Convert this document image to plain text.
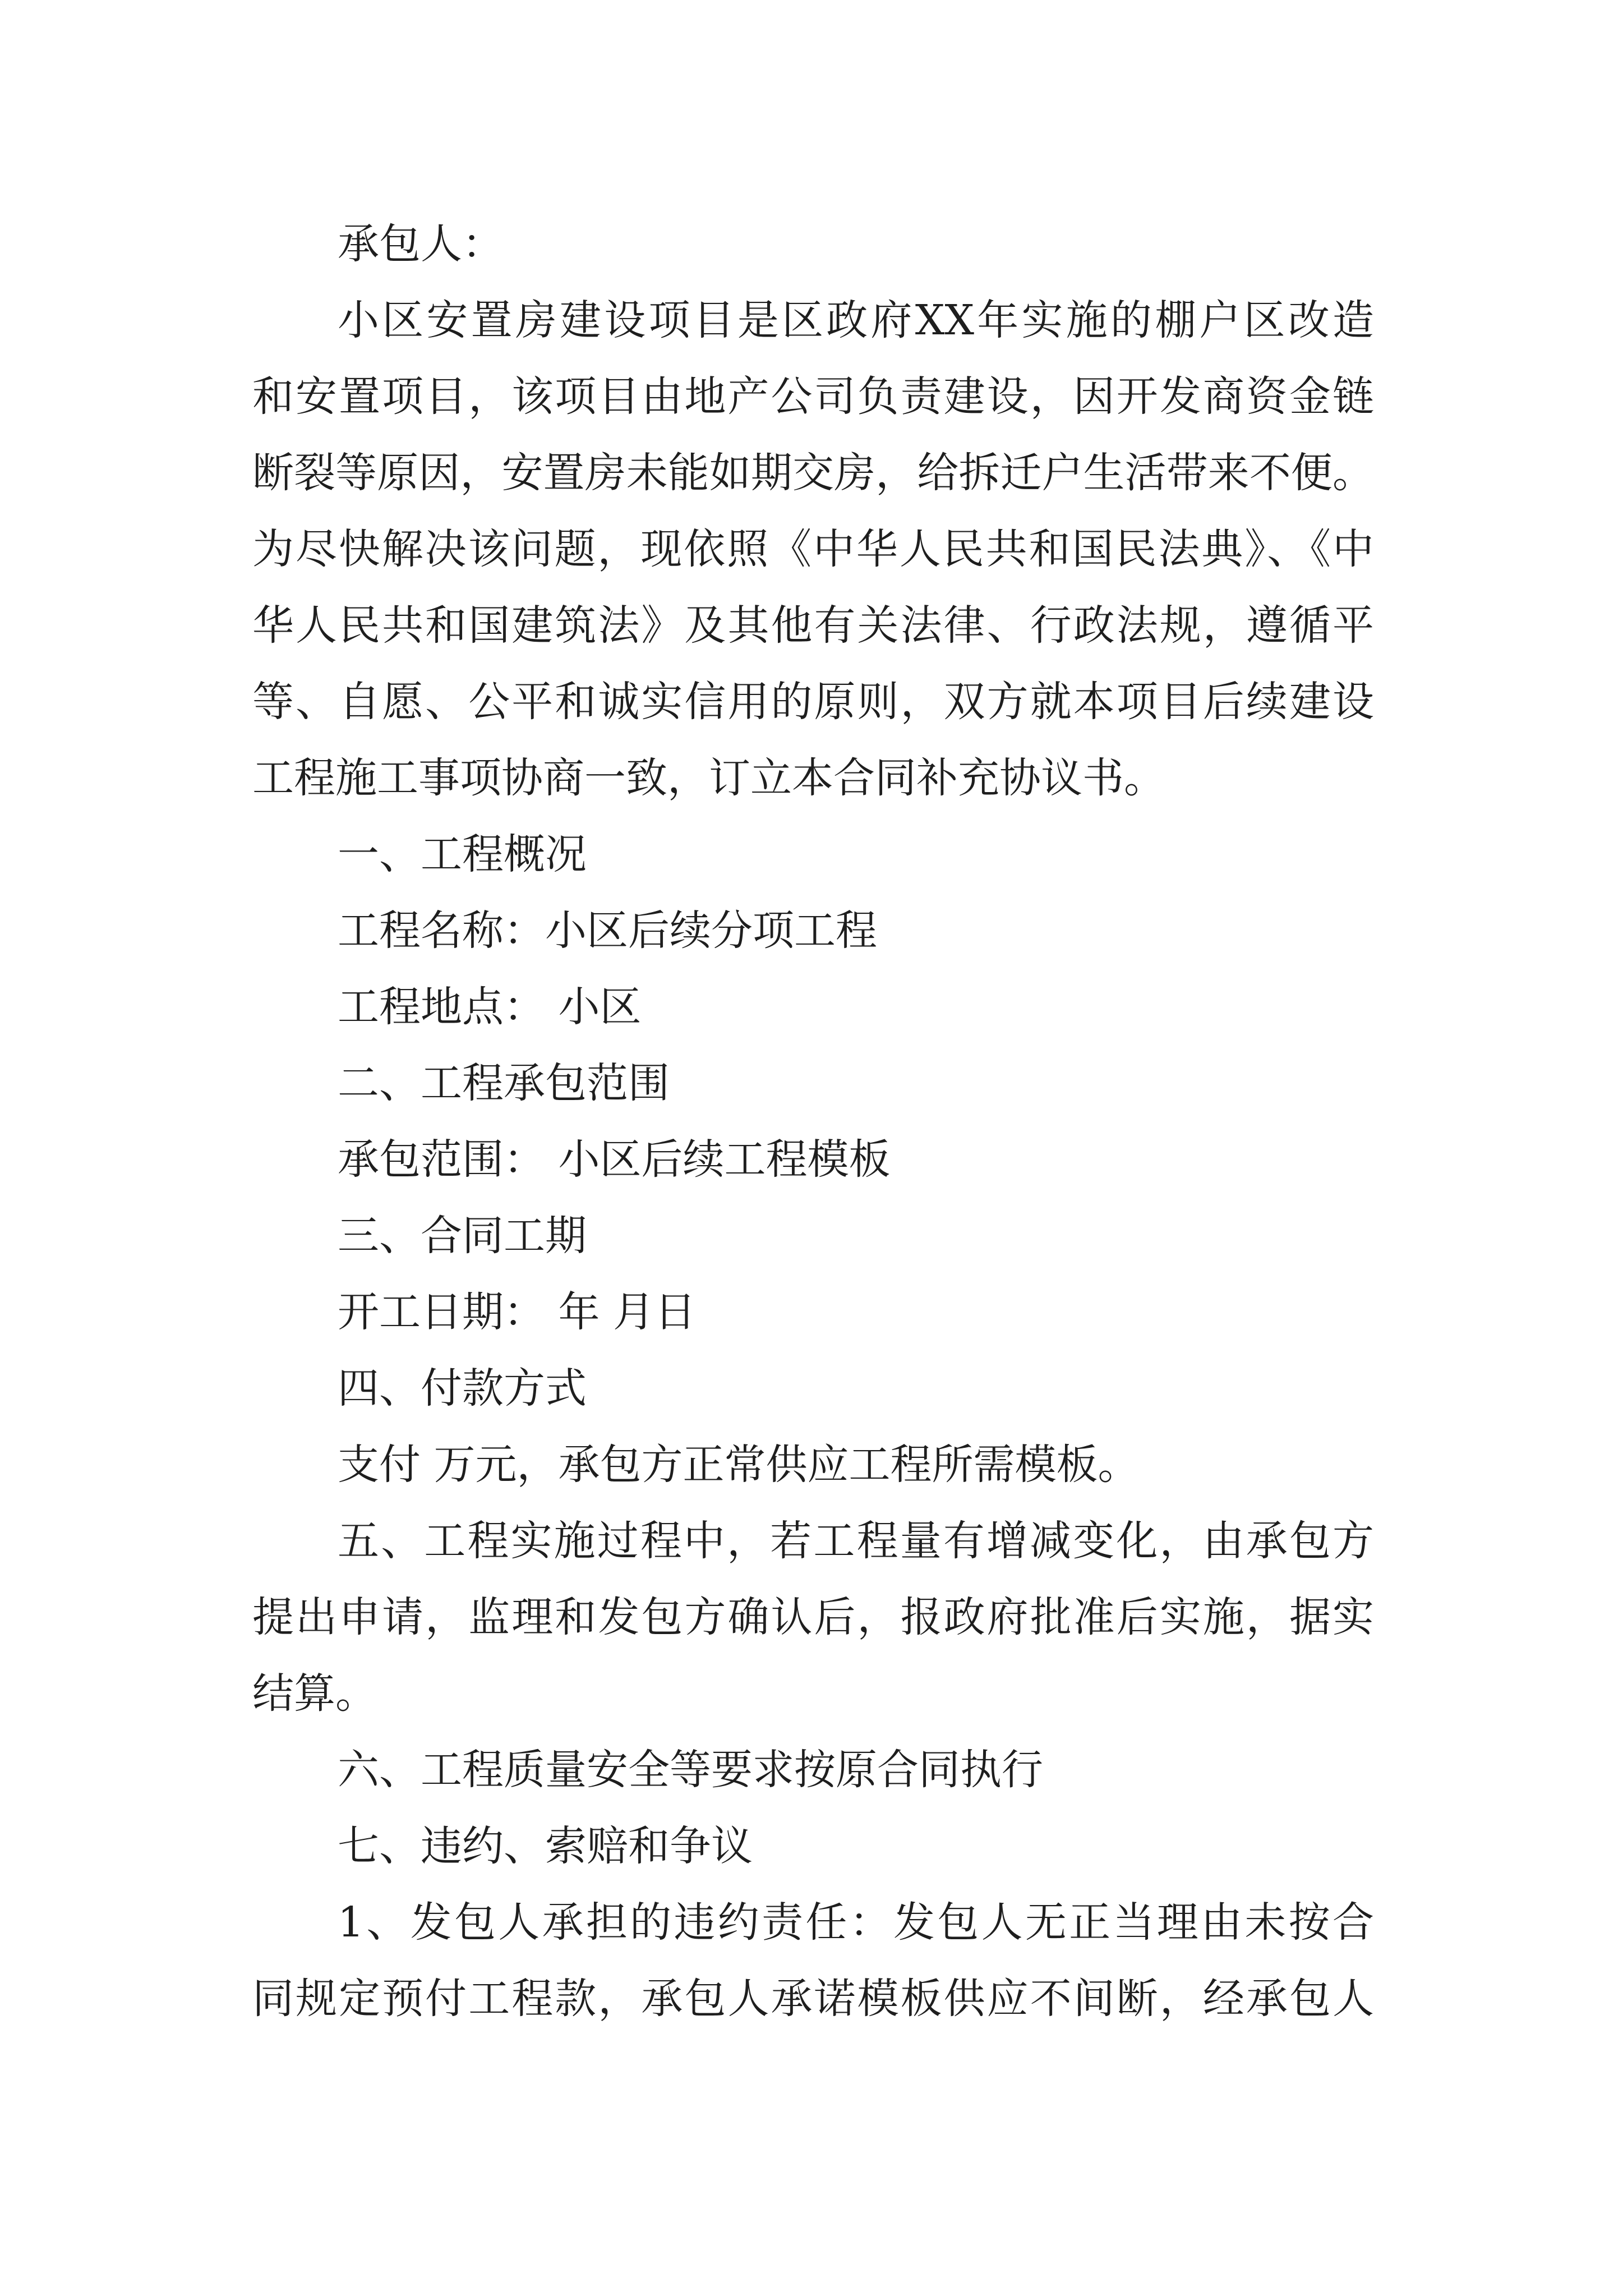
承包人：

小区安置房建设项目是区政府XX年实施的棚户区改造

和安置项目，该项目由地产公司负责建设，因开发商资金链

断裂等原因，安置房未能如期交房，给拆迁户生活带来不便。

为尽快解决该问题，现依照《中华人民共和国民法典》、《中

华人民共和国建筑法》及其他有关法律、行政法规，遵循平

等、自愿、公平和诚实信用的原则，双方就本项目后续建设

工程施工事项协商一致，订立本合同补充协议书。

一、工程概况

工程名称：小区后续分项工程

工程地点： 小区

二、工程承包范围

承包范围： 小区后续工程模板

三、合同工期

开工日期： 年 月日

四、付款方式

支付 万元，承包方正常供应工程所需模板。

五、工程实施过程中，若工程量有增减变化，由承包方

提出申请，监理和发包方确认后，报政府批准后实施，据实

结算。

六、工程质量安全等要求按原合同执行

七、违约、索赔和争议

1、发包人承担的违约责任：发包人无正当理由未按合

同规定预付工程款，承包人承诺模板供应不间断，经承包人
